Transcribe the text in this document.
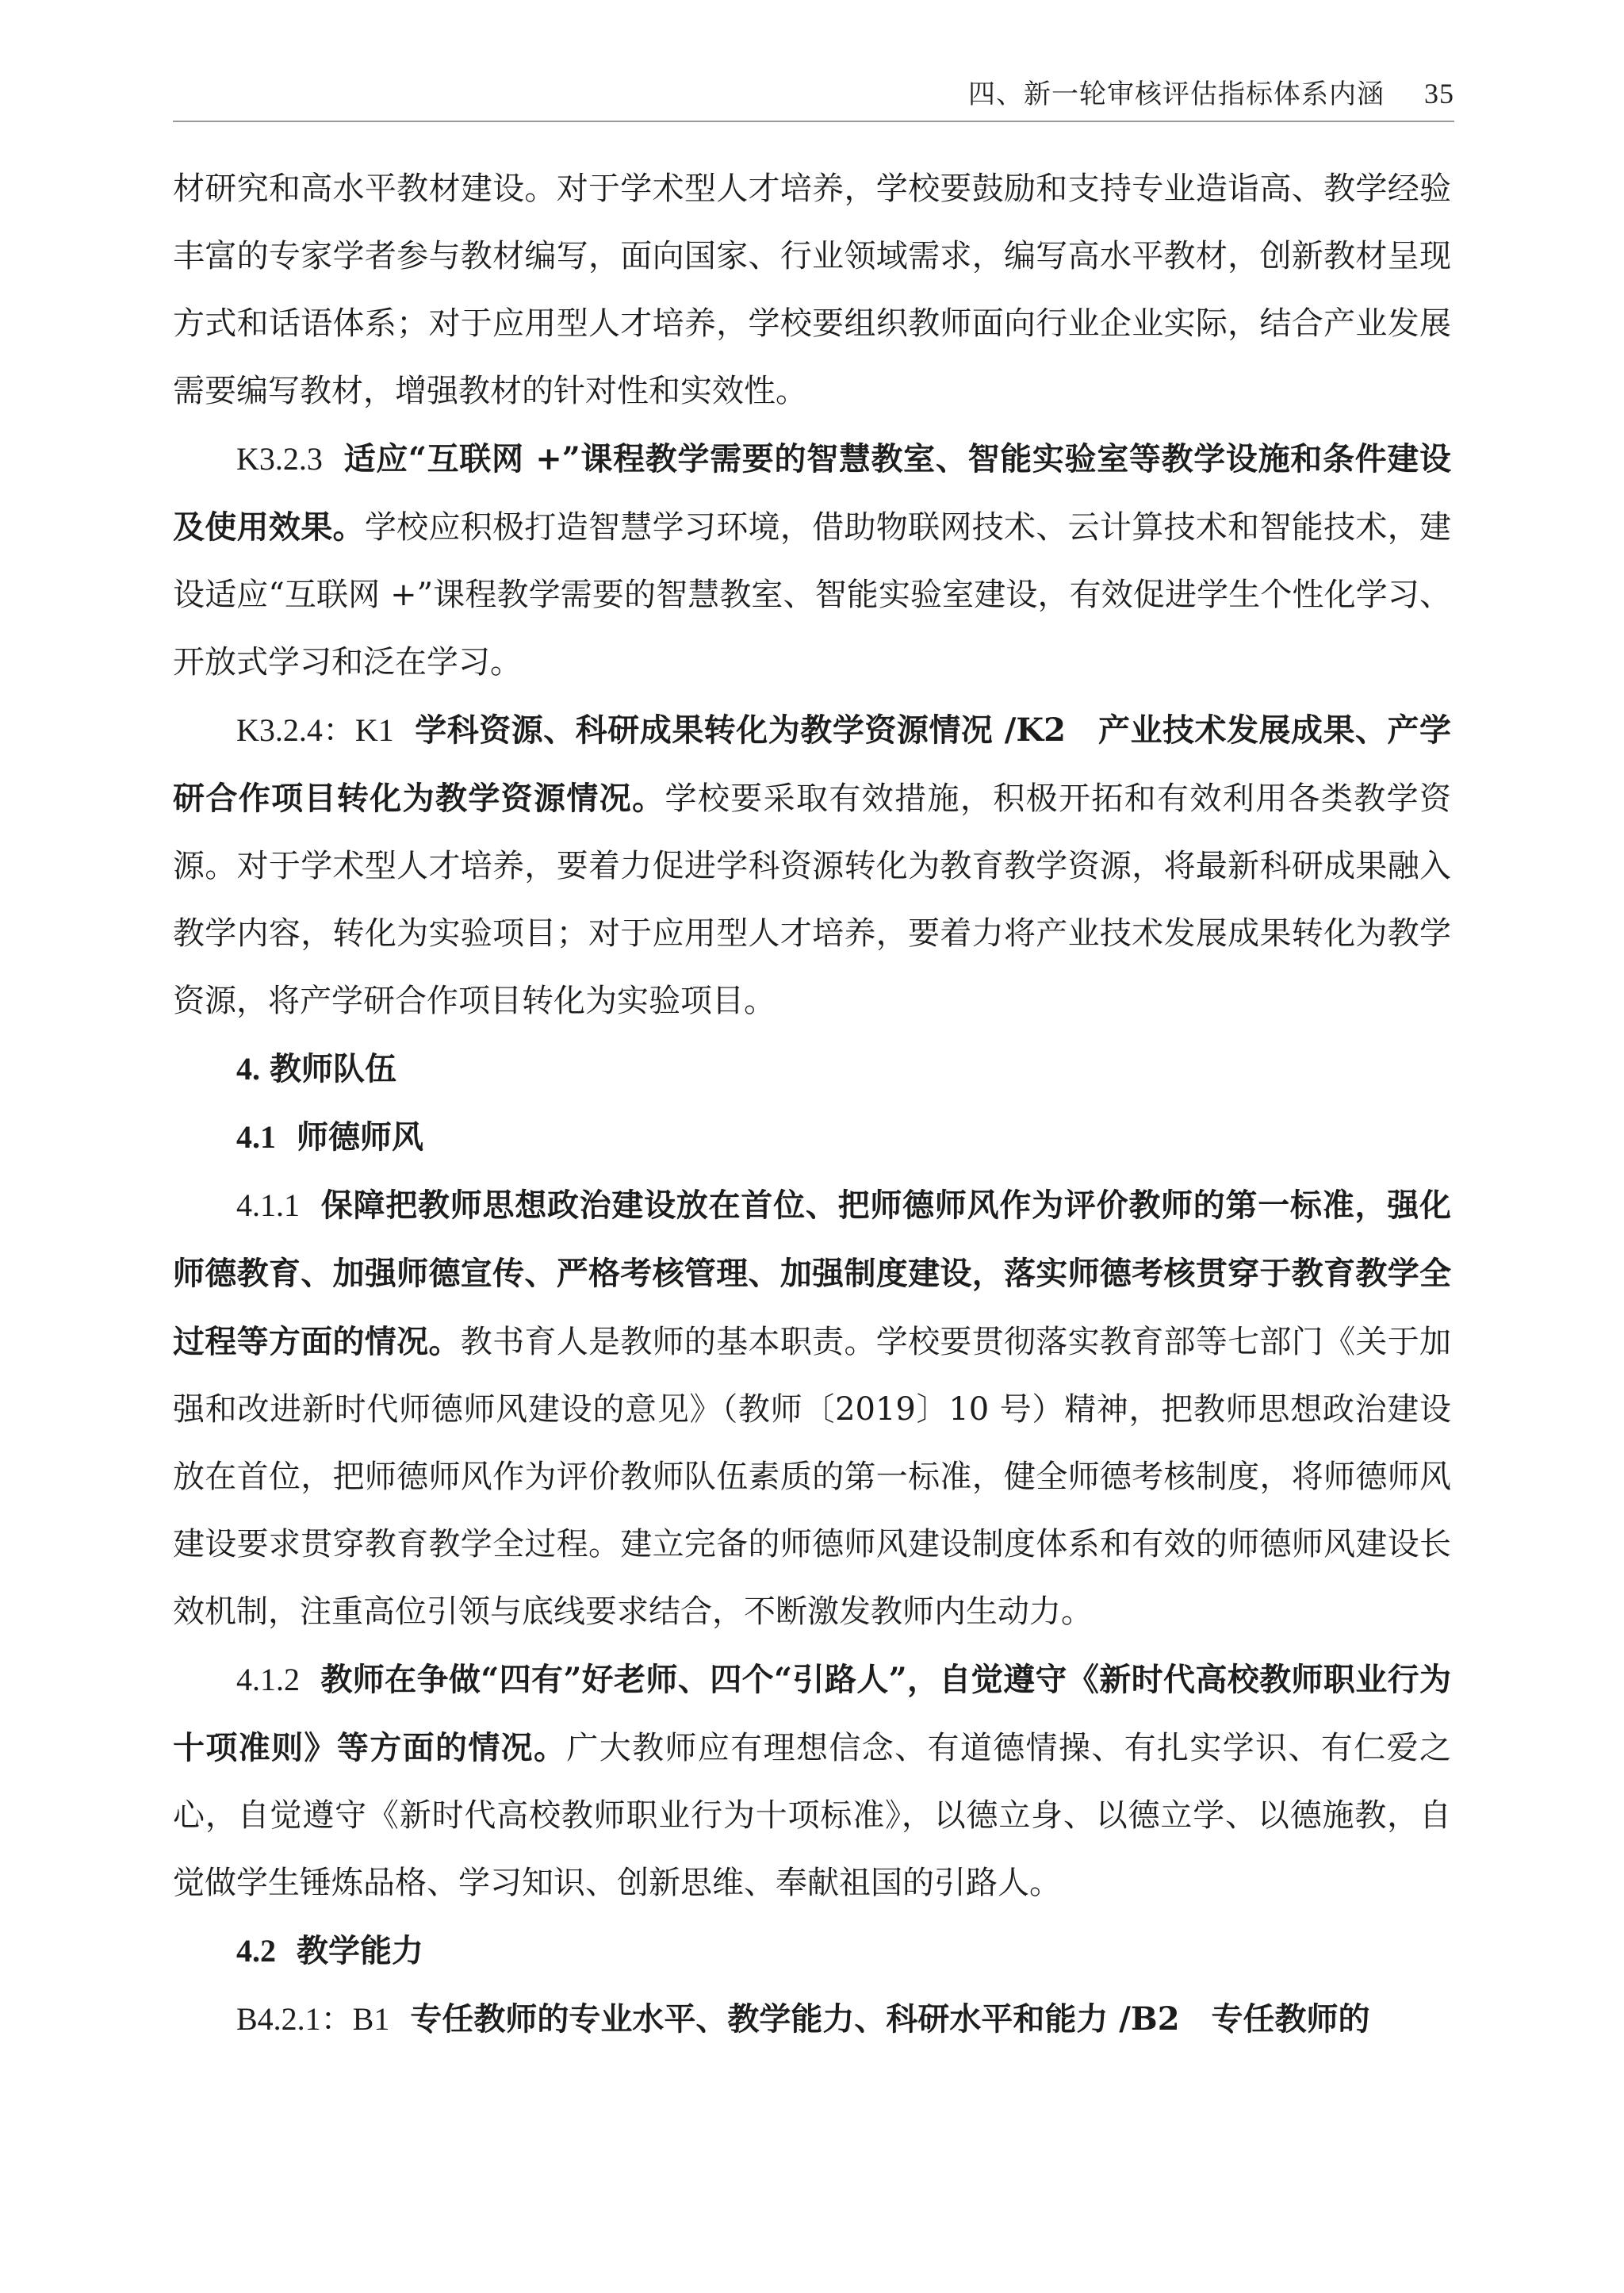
四、新一轮审核评估指标体系内涵 35

材研究和高水平教材建设。对于学术型人才培养，学校要鼓励和支持专业造诣高、教学经验丰富的专家学者参与教材编写，面向国家、行业领域需求，编写高水平教材，创新教材呈现方式和话语体系；对于应用型人才培养，学校要组织教师面向行业企业实际，结合产业发展需要编写教材，增强教材的针对性和实效性。

K3.2.3 适应“互联网 +”课程教学需要的智慧教室、智能实验室等教学设施和条件建设及使用效果。学校应积极打造智慧学习环境，借助物联网技术、云计算技术和智能技术，建设适应“互联网 +”课程教学需要的智慧教室、智能实验室建设，有效促进学生个性化学习、开放式学习和泛在学习。

K3.2.4：K1 学科资源、科研成果转化为教学资源情况 /K2　产业技术发展成果、产学研合作项目转化为教学资源情况。学校要采取有效措施，积极开拓和有效利用各类教学资源。对于学术型人才培养，要着力促进学科资源转化为教育教学资源，将最新科研成果融入教学内容，转化为实验项目；对于应用型人才培养，要着力将产业技术发展成果转化为教学资源，将产学研合作项目转化为实验项目。

4. 教师队伍

4.1 师德师风

4.1.1 保障把教师思想政治建设放在首位、把师德师风作为评价教师的第一标准，强化师德教育、加强师德宣传、严格考核管理、加强制度建设，落实师德考核贯穿于教育教学全过程等方面的情况。教书育人是教师的基本职责。学校要贯彻落实教育部等七部门《关于加强和改进新时代师德师风建设的意见》（教师〔2019〕10 号）精神，把教师思想政治建设放在首位，把师德师风作为评价教师队伍素质的第一标准，健全师德考核制度，将师德师风建设要求贯穿教育教学全过程。建立完备的师德师风建设制度体系和有效的师德师风建设长效机制，注重高位引领与底线要求结合，不断激发教师内生动力。

4.1.2 教师在争做“四有”好老师、四个“引路人”，自觉遵守《新时代高校教师职业行为十项准则》等方面的情况。广大教师应有理想信念、有道德情操、有扎实学识、有仁爱之心，自觉遵守《新时代高校教师职业行为十项标准》，以德立身、以德立学、以德施教，自觉做学生锤炼品格、学习知识、创新思维、奉献祖国的引路人。

4.2 教学能力

B4.2.1：B1 专任教师的专业水平、教学能力、科研水平和能力 /B2　专任教师的
